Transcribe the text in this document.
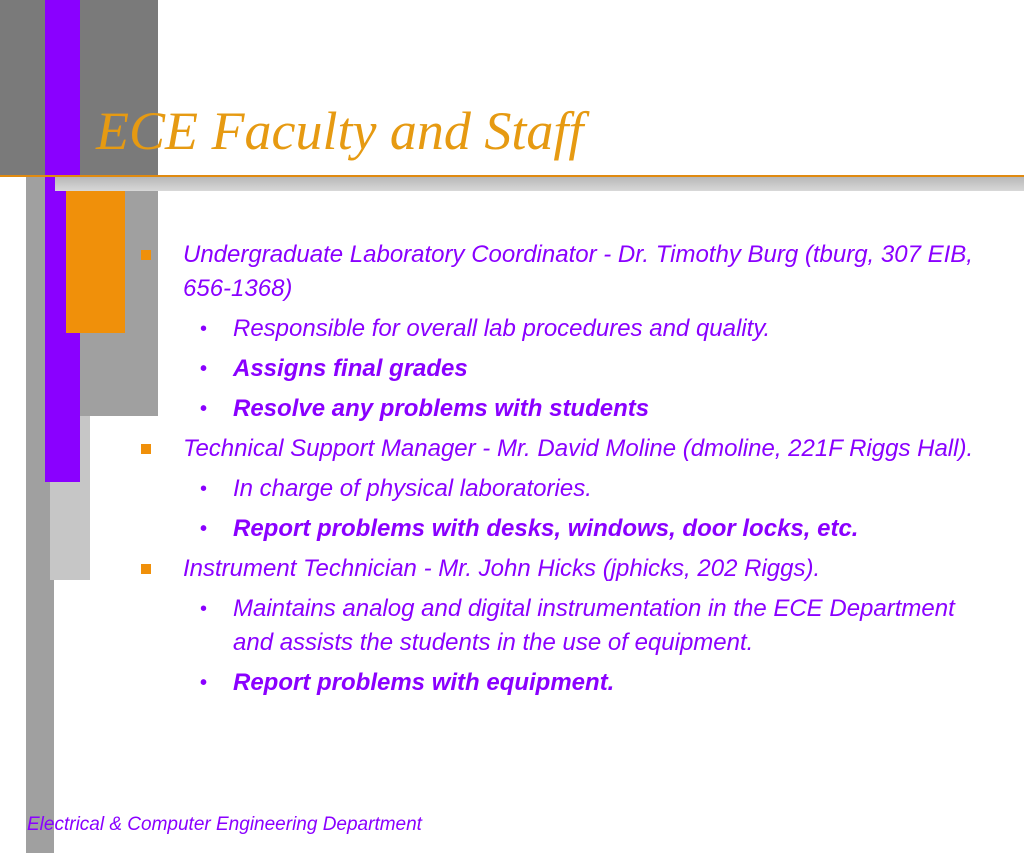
ECE Faculty and Staff
Undergraduate Laboratory Coordinator - Dr. Timothy Burg (tburg, 307 EIB, 656-1368)
• Responsible for overall lab procedures and quality.
• Assigns final grades
• Resolve any problems with students
Technical Support Manager - Mr. David Moline (dmoline, 221F Riggs Hall).
• In charge of physical laboratories.
• Report problems with desks, windows, door locks, etc.
Instrument Technician - Mr. John Hicks (jphicks, 202 Riggs).
• Maintains analog and digital instrumentation in the ECE Department and assists the students in the use of equipment.
• Report problems with equipment.
Electrical & Computer Engineering Department
